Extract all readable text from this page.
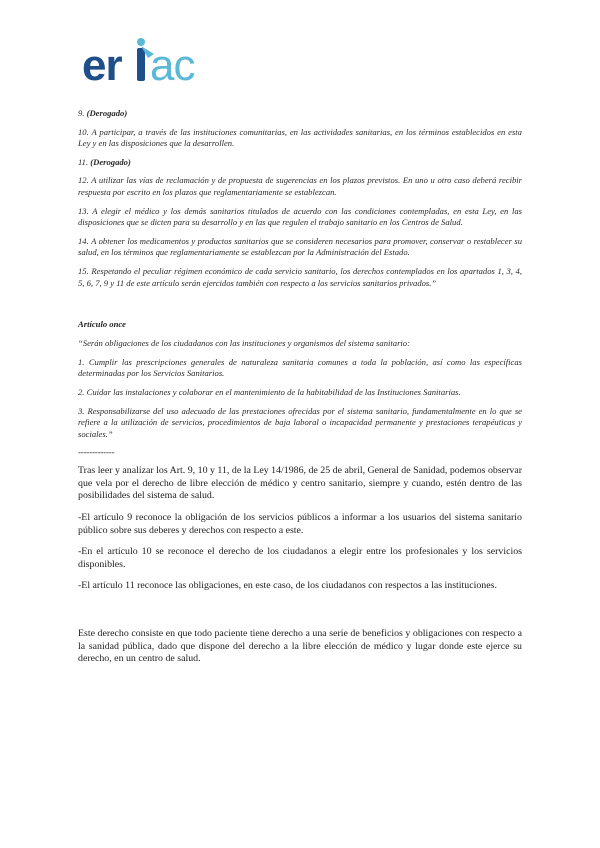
er ac

9. (Derogado)

10. A participar, a través de las instituciones comunitarias, en las actividades sanitarias, en los términos establecidos en esta Ley y en las disposiciones que la desarrollen.

11. (Derogado)

12. A utilizar las vías de reclamación y de propuesta de sugerencias en los plazos previstos. En uno u otro caso deberá recibir respuesta por escrito en los plazos que reglamentariamente se establezcan.

13. A elegir el médico y los demás sanitarios titulados de acuerdo con las condiciones contempladas, en esta Ley, en las disposiciones que se dicten para su desarrollo y en las que regulen el trabajo sanitario en los Centros de Salud.

14. A obtener los medicamentos y productos sanitarios que se consideren necesarios para promover, conservar o restablecer su salud, en los términos que reglamentariamente se establezcan por la Administración del Estado.

15. Respetando el peculiar régimen económico de cada servicio sanitario, los derechos contemplados en los apartados 1, 3, 4, 5, 6, 7, 9 y 11 de este artículo serán ejercidos también con respecto a los servicios sanitarios privados.”

Artículo once

“Serán obligaciones de los ciudadanos con las instituciones y organismos del sistema sanitario:

1. Cumplir las prescripciones generales de naturaleza sanitaria comunes a toda la población, así como las específicas determinadas por los Servicios Sanitarios.

2. Cuidar las instalaciones y colaborar en el mantenimiento de la habitabilidad de las Instituciones Sanitarias.

3. Responsabilizarse del uso adecuado de las prestaciones ofrecidas por el sistema sanitario, fundamentalmente en lo que se refiere a la utilización de servicios, procedimientos de baja laboral o incapacidad permanente y prestaciones terapéuticas y sociales.”

-------------

Tras leer y analizar los Art. 9, 10 y 11, de la Ley 14/1986, de 25 de abril, General de Sanidad, podemos observar que vela por el derecho de libre elección de médico y centro sanitario, siempre y cuando, estén dentro de las posibilidades del sistema de salud.

-El artículo 9 reconoce la obligación de los servicios públicos a informar a los usuarios del sistema sanitario público sobre sus deberes y derechos con respecto a este.

-En el artículo 10 se reconoce el derecho de los ciudadanos a elegir entre los profesionales y los servicios disponibles.

-El artículo 11 reconoce las obligaciones, en este caso, de los ciudadanos con respectos a las instituciones.

Este derecho consiste en que todo paciente tiene derecho a una serie de beneficios y obligaciones con respecto a la sanidad pública, dado que dispone del derecho a la libre elección de médico y lugar donde este ejerce su derecho, en un centro de salud.
